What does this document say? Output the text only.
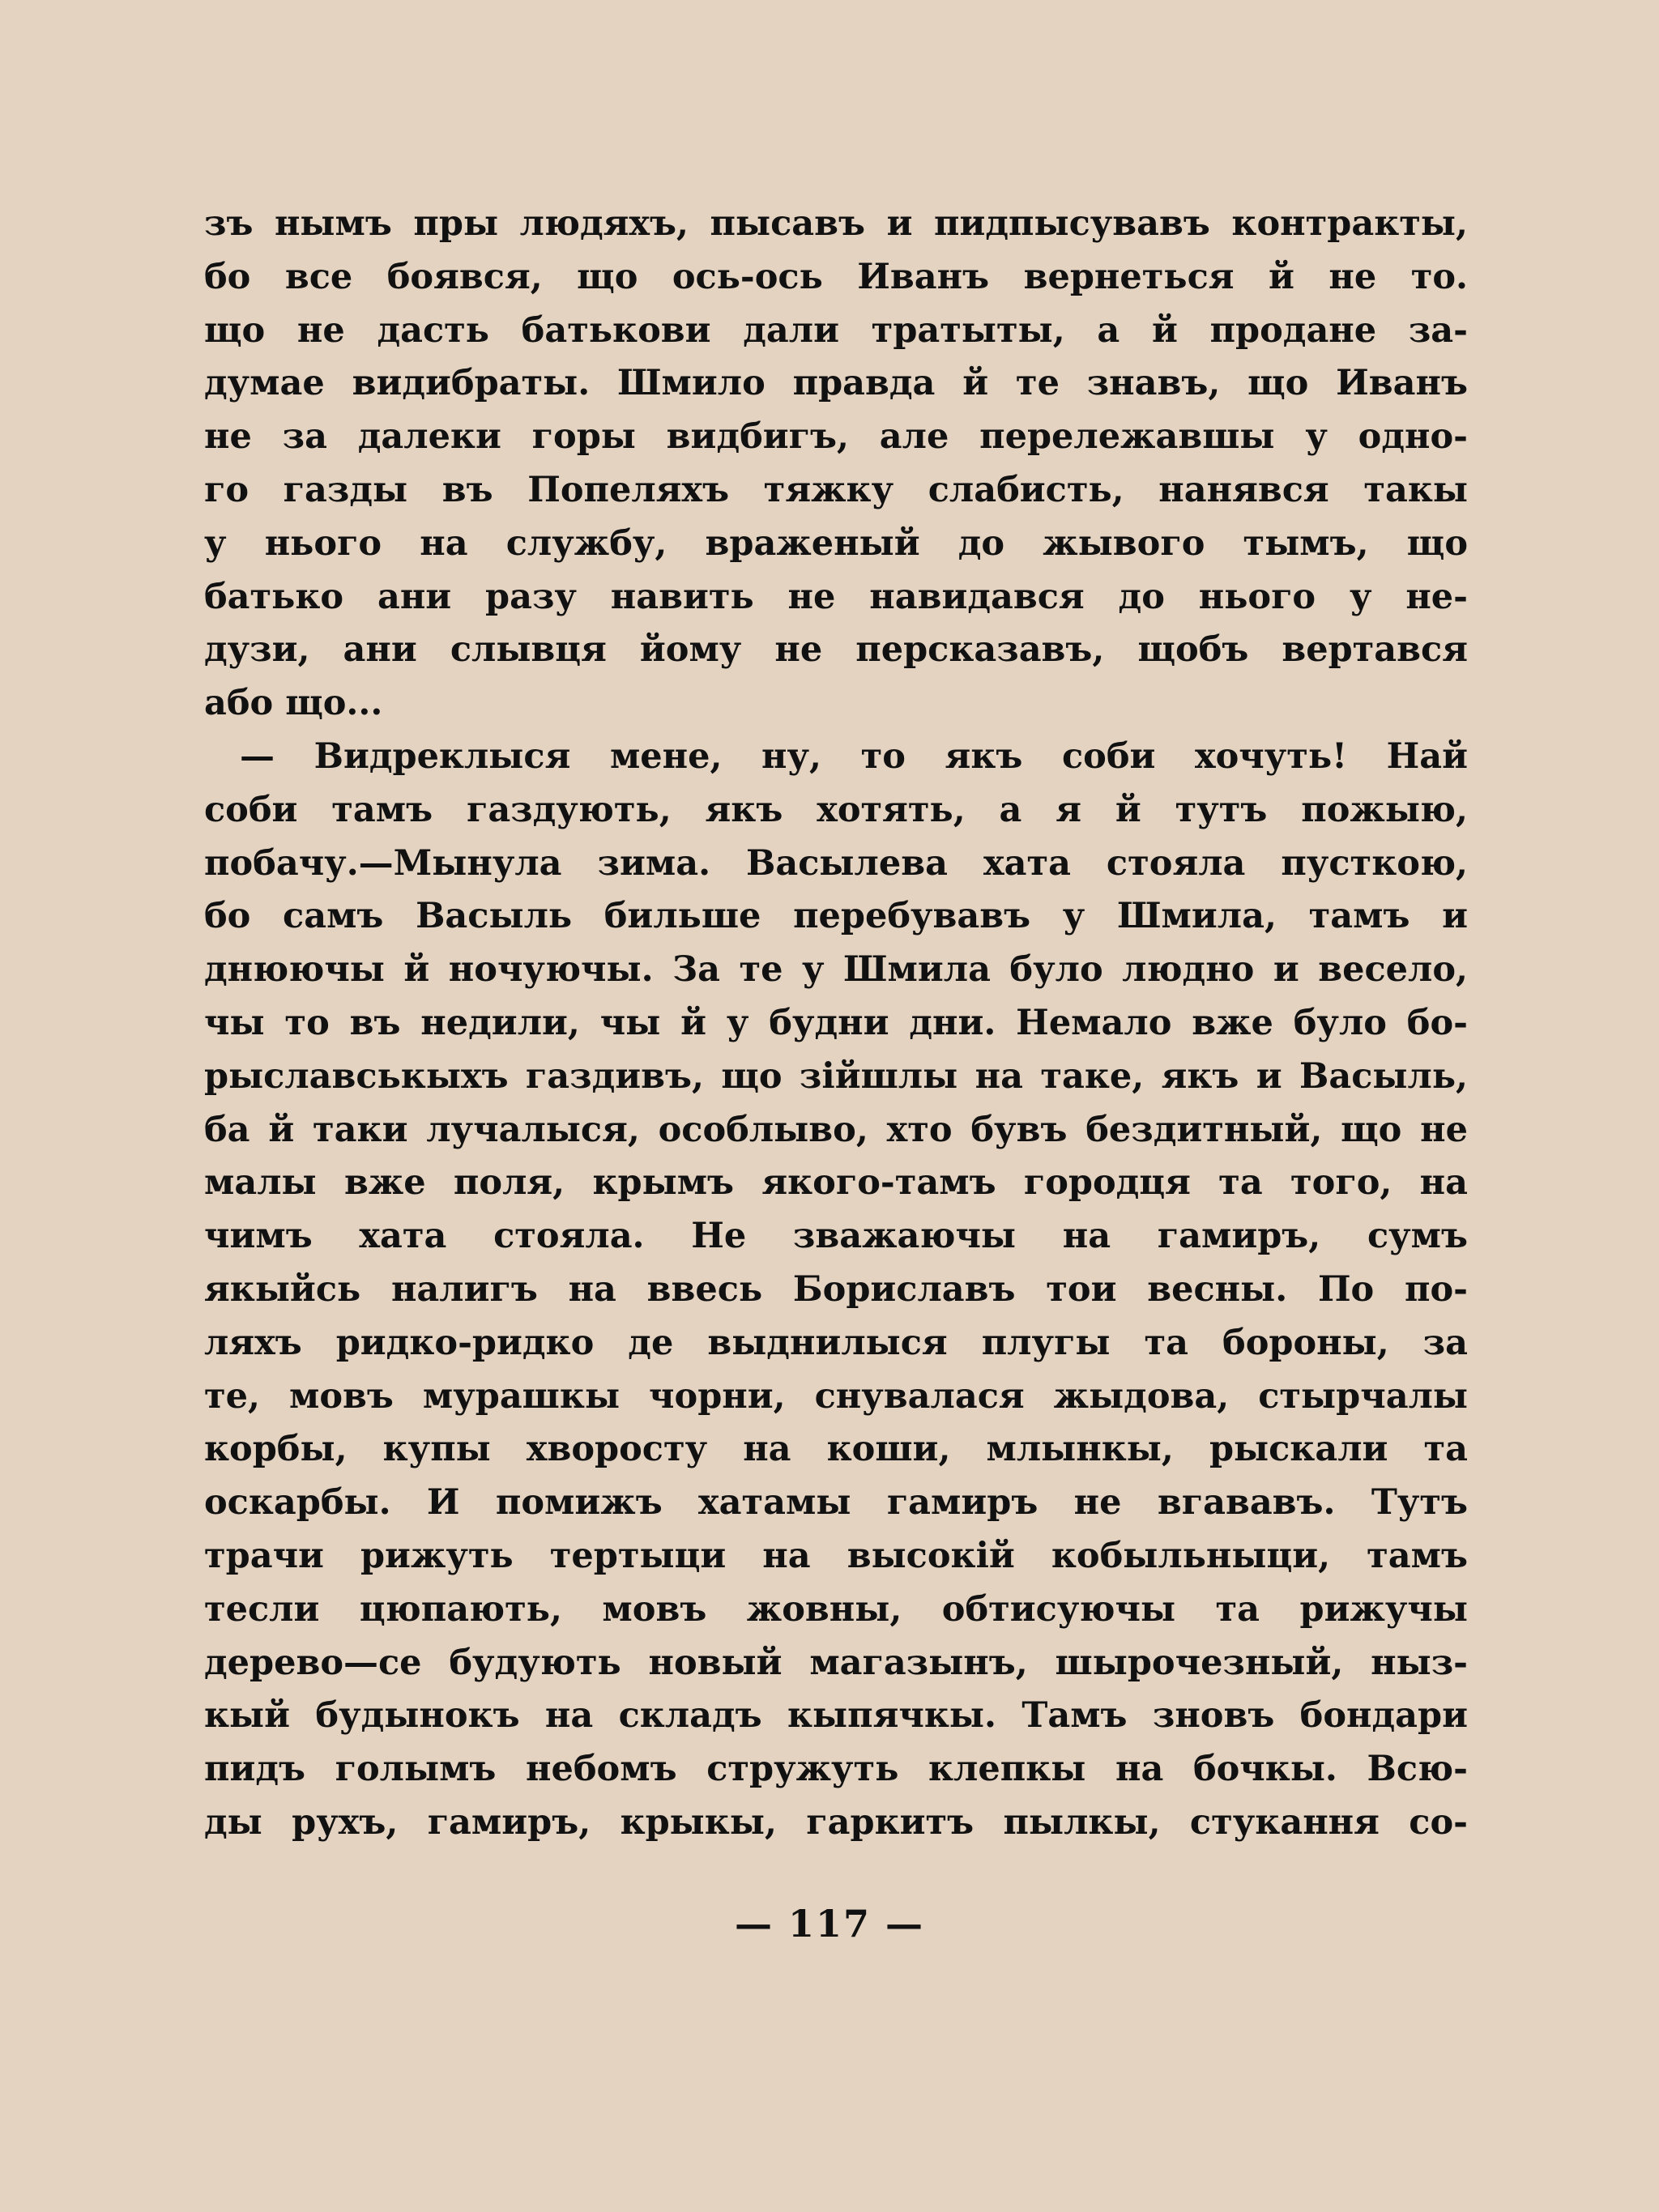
зъ нымъ пры людяхъ, пысавъ и пидпысувавъ контракты,
бо все боявся, що ось-ось Иванъ вернеться й не то.
що не дасть батькови дали тратыты, а й продане за-
думае видибраты. Шмило правда й те знавъ, що Иванъ
не за далеки горы видбигъ, але перележавшы у одно-
го газды въ Попеляхъ тяжку слабисть, нанявся такы
у нього на службу, враженый до жывого тымъ, що
батько ани разу навить не навидався до нього у не-
дузи, ани слывця йому не персказавъ, щобъ вертався
або що...
— Видреклыся мене, ну, то якъ соби хочуть! Най
соби тамъ газдують, якъ хотять, а я й тутъ пожыю,
побачу.—Мынула зима. Васылева хата стояла пусткою,
бо самъ Васыль бильше перебувавъ у Шмила, тамъ и
днюючы й ночуючы. За те у Шмила було людно и весело,
чы то въ недили, чы й у будни дни. Немало вже було бо-
рыславськыхъ газдивъ, що зійшлы на таке, якъ и Васыль,
ба й таки лучалыся, особлыво, хто бувъ бездитный, що не
малы вже поля, крымъ якого-тамъ городця та того, на
чимъ хата стояла. Не зважаючы на гамиръ, сумъ
якыйсь налигъ на ввесь Бориславъ тои весны. По по-
ляхъ ридко-ридко де выднилыся плугы та бороны, за
те, мовъ мурашкы чорни, снувалася жыдова, стырчалы
корбы, купы хворосту на коши, млынкы, рыскали та
оскарбы. И помижъ хатамы гамиръ не вгававъ. Тутъ
трачи рижуть тертыци на высокій кобыльныци, тамъ
тесли цюпають, мовъ жовны, обтисуючы та рижучы
дерево—се будують новый магазынъ, шырочезный, ныз-
кый будынокъ на складъ кыпячкы. Тамъ зновъ бондари
пидъ голымъ небомъ стружуть клепкы на бочкы. Всю-
ды рухъ, гамиръ, крыкы, гаркитъ пылкы, стукання со-
— 117 —
